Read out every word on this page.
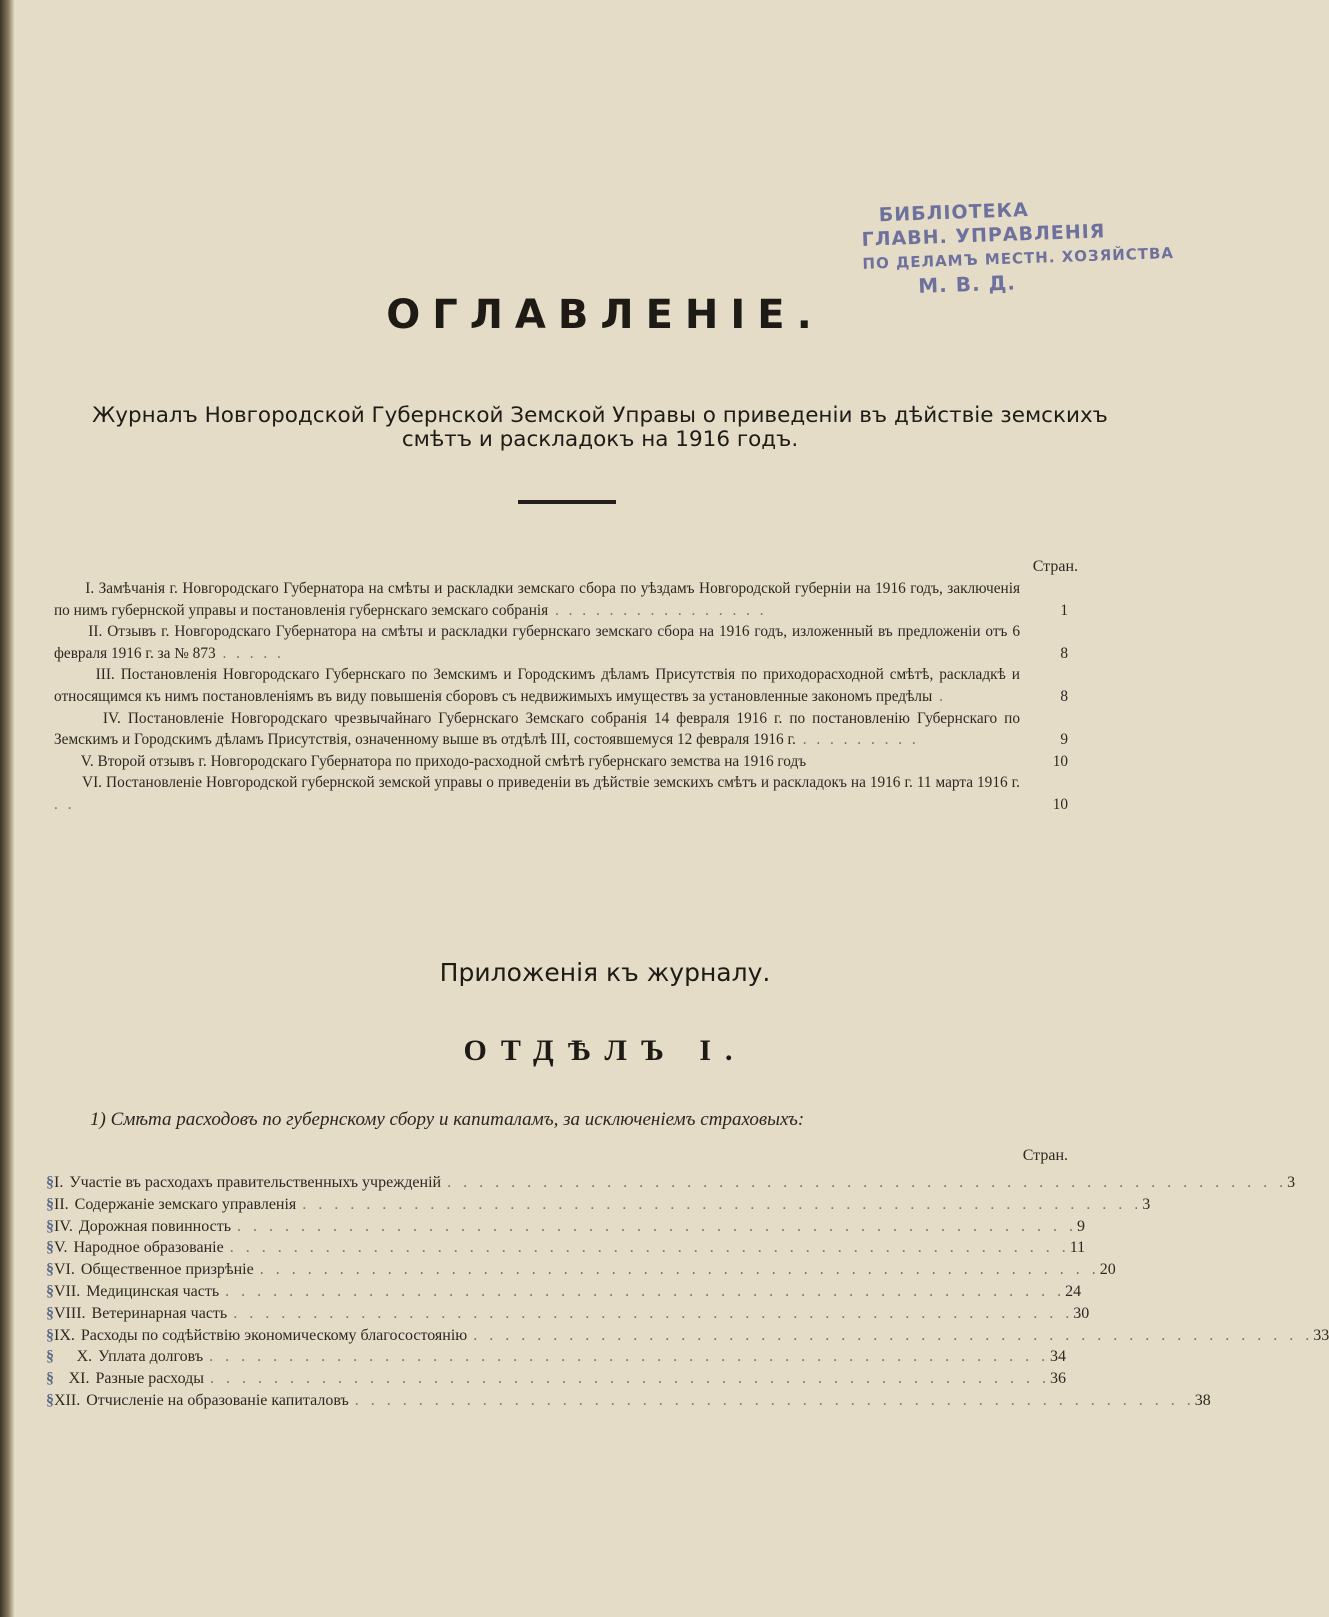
БИБЛIОТЕКА
ГЛАВН. УПРАВЛЕНIЯ
ПО ДЕЛАМЪ МЕСТН. ХОЗЯЙСТВА
М. В. Д.
ОГЛАВЛЕНIЕ.
Журналъ Новгородской Губернской Земской Управы о приведенiи въ дѣйствiе земскихъ смѣтъ и раскладокъ на 1916 годъ.
Стран.
I. Замѣчанiя г. Новгородскаго Губернатора на смѣты и раскладки земскаго сбора по уѣздамъ Новгородской губернiи на 1916 годъ, заключенiя по нимъ губернской управы и постановленiя губернскаго земскаго собранiя . . . . . . . . . . . . . . . .	1
II. Отзывъ г. Новгородскаго Губернатора на смѣты и раскладки губернскаго земскаго сбора на 1916 годъ, изложенный въ предложенiи отъ 6 февраля 1916 г. за № 873 . . . . .	8
III. Постановленiя Новгородскаго Губернскаго по Земскимъ и Городскимъ дѣламъ Присутствiя по приходорасходной смѣтѣ, раскладкѣ и относящимся къ нимъ постановленiямъ въ виду повышенiя сборовъ съ недвижимыхъ имуществъ за установленные закономъ предѣлы .	8
IV. Постановленiе Новгородскаго чрезвычайнаго Губернскаго Земскаго собранiя 14 февраля 1916 г. по постановленiю Губернскаго по Земскимъ и Городскимъ дѣламъ Присутствiя, означенному выше въ отдѣлѣ III, состоявшемуся 12 февраля 1916 г. . . . . . . . . .	9
V. Второй отзывъ г. Новгородскаго Губернатора по приходо-расходной смѣтѣ губернскаго земства на 1916 годъ	10
VI. Постановленiе Новгородской губернской земской управы о приведенiи въ дѣйствiе земскихъ смѣтъ и раскладокъ на 1916 г. 11 марта 1916 г. . .	10
Приложенiя къ журналу.
ОТДѢЛЪ I.
1) Смѣта расходовъ по губернскому сбору и капиталамъ, за исключенiемъ страховыхъ:
Стран.
§ I. Участiе въ расходахъ правительственныхъ учрежденiй . . . . . . . . . . . . . . . . . . . . . . . . . . . . . . . . . . . . . . . . . . . . . . . . . . . . . 3
§ II. Содержанiе земскаго управленiя . . . . . . . . . . . . . . . . . . . . . . . . . . . . . . . . . . . . . . . . . . . . . . . . . . . . . 3
§ IV. Дорожная повинность . . . . . . . . . . . . . . . . . . . . . . . . . . . . . . . . . . . . . . . . . . . . . . . . . . . . . 9
§ V. Народное образованiе . . . . . . . . . . . . . . . . . . . . . . . . . . . . . . . . . . . . . . . . . . . . . . . . . . . . . 11
§ VI. Общественное призрѣнiе . . . . . . . . . . . . . . . . . . . . . . . . . . . . . . . . . . . . . . . . . . . . . . . . . . . . . 20
§ VII. Медицинская часть . . . . . . . . . . . . . . . . . . . . . . . . . . . . . . . . . . . . . . . . . . . . . . . . . . . . . 24
§ VIII. Ветеринарная часть . . . . . . . . . . . . . . . . . . . . . . . . . . . . . . . . . . . . . . . . . . . . . . . . . . . . . 30
§ IX. Расходы по содѣйствiю экономическому благосостоянiю . . . . . . . . . . . . . . . . . . . . . . . . . . . . . . . . . . . . . . . . . . . . . . . . . . . . . 33
§	X. Уплата долговъ . . . . . . . . . . . . . . . . . . . . . . . . . . . . . . . . . . . . . . . . . . . . . . . . . . . . . 34
§ XI. Разные расходы . . . . . . . . . . . . . . . . . . . . . . . . . . . . . . . . . . . . . . . . . . . . . . . . . . . . . 36
§ XII. Отчисленiе на образованiе капиталовъ . . . . . . . . . . . . . . . . . . . . . . . . . . . . . . . . . . . . . . . . . . . . . . . . . . . . . 38
